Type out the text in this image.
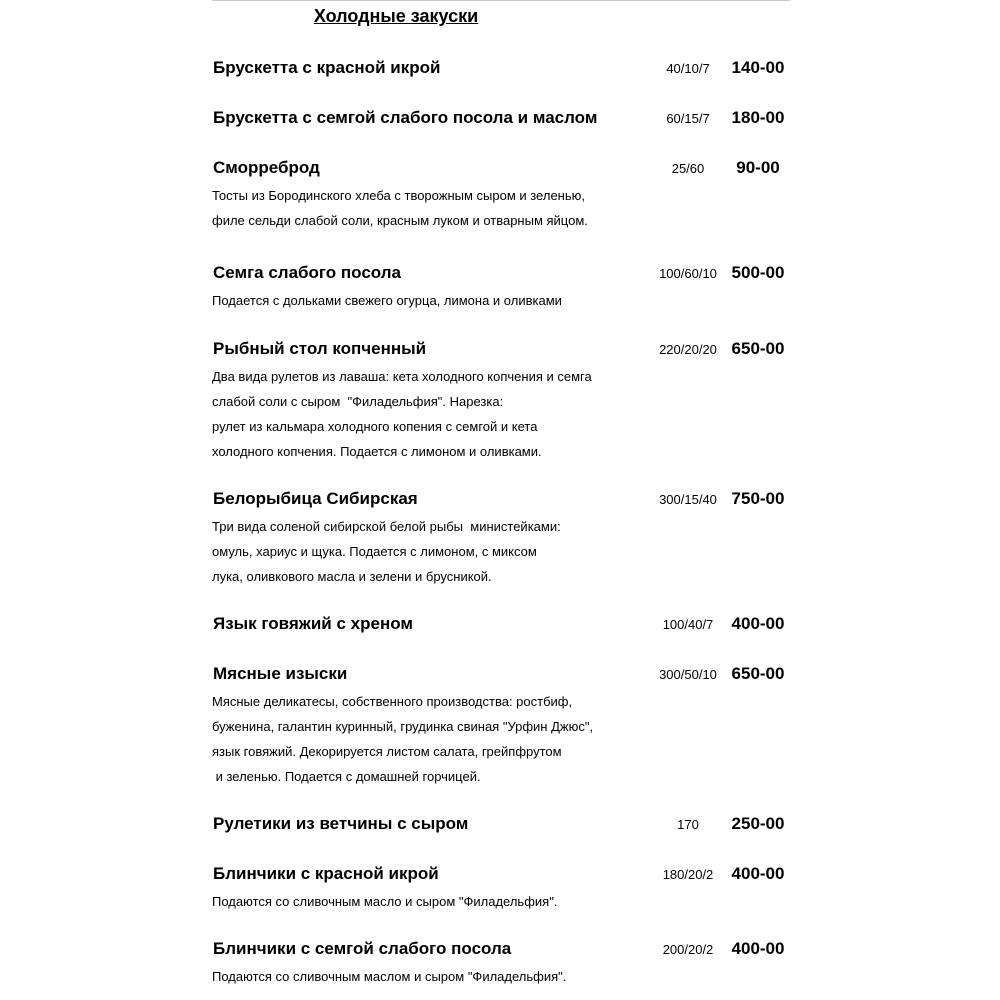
Холодные закуски
Брускетта с красной икрой	40/10/7	140-00
Брускетта с семгой слабого посола и маслом	60/15/7	180-00
Сморреброд	25/60	90-00
Тосты из Бородинского хлеба с творожным сыром и зеленью,
филе сельди слабой соли, красным луком и отварным яйцом.
Семга слабого посола	100/60/10 500-00
Подается с дольками свежего огурца, лимона и оливками
Рыбный стол копченный	220/20/20 650-00
Два вида рулетов из лаваша: кета холодного копчения и семга
слабой соли с сыром  "Филадельфия". Нарезка:
рулет из кальмара холодного копения с семгой и кета
холодного копчения. Подается с лимоном и оливками.
Белорыбица Сибирская	300/15/40 750-00
Три вида соленой сибирской белой рыбы  министейками:
омуль, хариус и щука. Подается с лимоном, с миксом
лука, оливкового масла и зелени и брусникой.
Язык говяжий с хреном	100/40/7	400-00
Мясные изыски	300/50/10 650-00
Мясные деликатесы, собственного производства: ростбиф,
буженина, галантин куринный, грудинка свиная "Урфин Джюс",
язык говяжий. Декорируется листом салата, грейпфрутом
и зеленью. Подается с домашней горчицей.
Рулетики из ветчины с сыром	170	250-00
Блинчики с красной икрой	180/20/2	400-00
Подаются со сливочным масло и сыром "Филадельфия".
Блинчики с семгой слабого посола	200/20/2	400-00
Подаются со сливочным маслом и сыром "Филадельфия".
